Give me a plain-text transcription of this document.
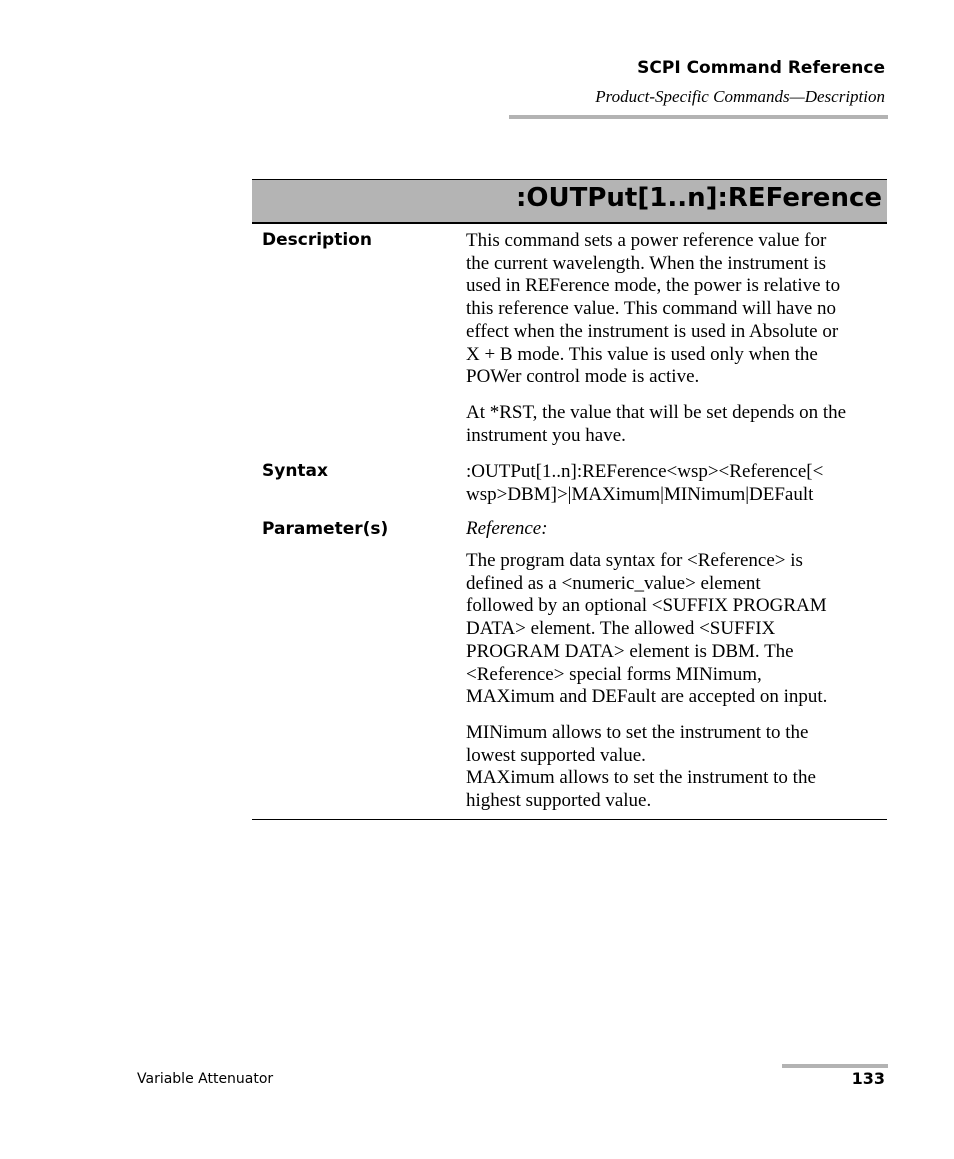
SCPI Command Reference
Product-Specific Commands—Description
:OUTPut[1..n]:REFerence
Description	This command sets a power reference value for
the current wavelength. When the instrument is
used in REFerence mode, the power is relative to
this reference value. This command will have no
effect when the instrument is used in Absolute or
X + B mode. This value is used only when the
POWer control mode is active.
At *RST, the value that will be set depends on the
instrument you have.
Syntax	:OUTPut[1..n]:REFerence<wsp><Reference[<
wsp>DBM]>|MAXimum|MINimum|DEFault
Parameter(s)	Reference:
The program data syntax for <Reference> is
defined as a <numeric_value> element
followed by an optional <SUFFIX PROGRAM
DATA> element. The allowed <SUFFIX
PROGRAM DATA> element is DBM. The
<Reference> special forms MINimum,
MAXimum and DEFault are accepted on input.
MINimum allows to set the instrument to the
lowest supported value.
MAXimum allows to set the instrument to the
highest supported value.
Variable Attenuator	133
